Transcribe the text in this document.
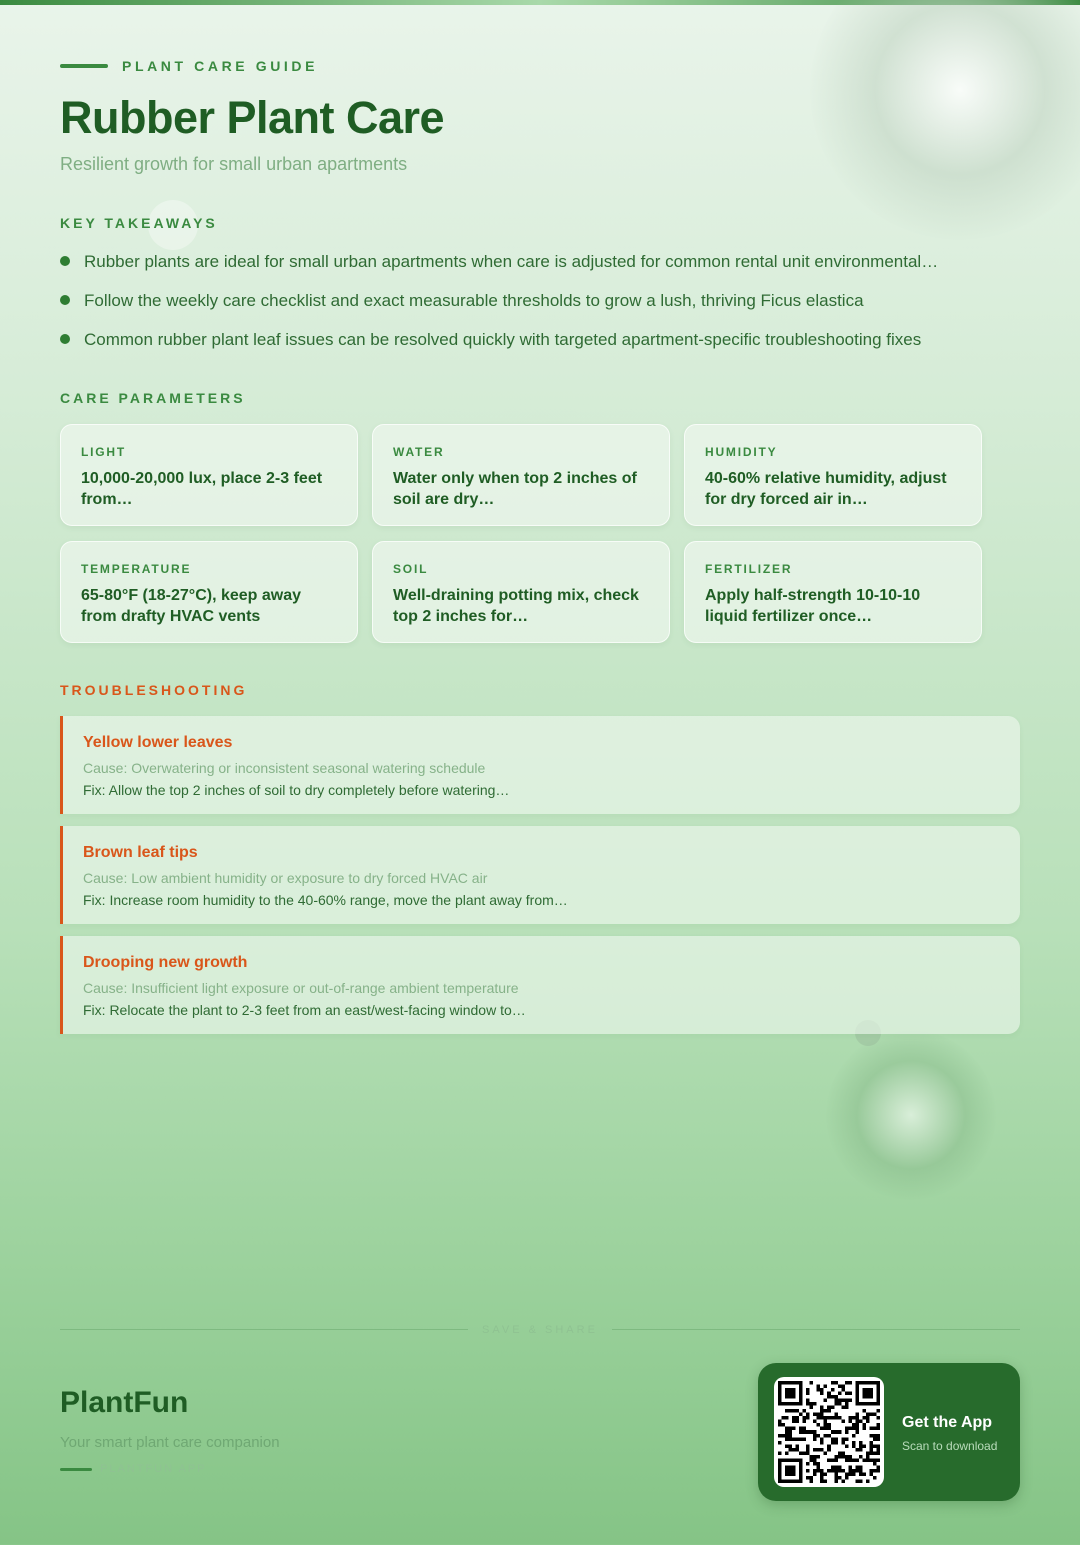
PLANT CARE GUIDE
Rubber Plant Care
Resilient growth for small urban apartments
KEY TAKEAWAYS
Rubber plants are ideal for small urban apartments when care is adjusted for common rental unit environmental…
Follow the weekly care checklist and exact measurable thresholds to grow a lush, thriving Ficus elastica
Common rubber plant leaf issues can be resolved quickly with targeted apartment-specific troubleshooting fixes
CARE PARAMETERS
LIGHT
10,000-20,000 lux, place 2-3 feet from…
WATER
Water only when top 2 inches of soil are dry…
HUMIDITY
40-60% relative humidity, adjust for dry forced air in…
TEMPERATURE
65-80°F (18-27°C), keep away from drafty HVAC vents
SOIL
Well-draining potting mix, check top 2 inches for…
FERTILIZER
Apply half-strength 10-10-10 liquid fertilizer once…
TROUBLESHOOTING
Yellow lower leaves
Cause: Overwatering or inconsistent seasonal watering schedule
Fix: Allow the top 2 inches of soil to dry completely before watering…
Brown leaf tips
Cause: Low ambient humidity or exposure to dry forced HVAC air
Fix: Increase room humidity to the 40-60% range, move the plant away from…
Drooping new growth
Cause: Insufficient light exposure or out-of-range ambient temperature
Fix: Relocate the plant to 2-3 feet from an east/west-facing window to…
SAVE & SHARE
PlantFun
Your smart plant care companion
PLANTFUN APP
Get the App
Scan to download
